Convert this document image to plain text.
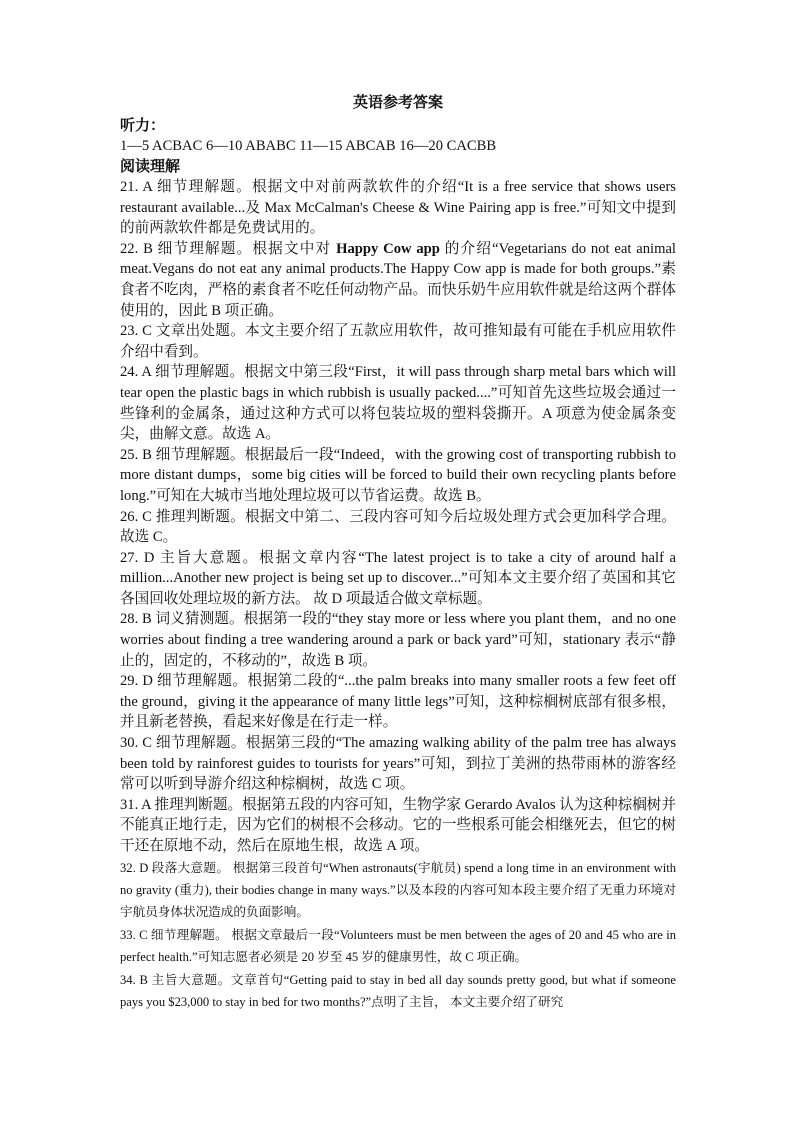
英语参考答案

听力：

1—5 ACBAC 6—10 ABABC 11—15 ABCAB 16—20 CACBB

阅读理解

21. A 细节理解题。根据文中对前两款软件的介绍“It is a free service that shows users restaurant available...及 Max McCalman's Cheese & Wine Pairing app is free.”可知文中提到的前两款软件都是免费试用的。

22. B 细节理解题。根据文中对 Happy Cow app 的介绍“Vegetarians do not eat animal meat.Vegans do not eat any animal products.The Happy Cow app is made for both groups.”素食者不吃肉，严格的素食者不吃任何动物产品。而快乐奶牛应用软件就是给这两个群体使用的，因此 B 项正确。

23. C 文章出处题。本文主要介绍了五款应用软件，故可推知最有可能在手机应用软件介绍中看到。

24. A 细节理解题。根据文中第三段“First，it will pass through sharp metal bars which will tear open the plastic bags in which rubbish is usually packed....”可知首先这些垃圾会通过一些锋利的金属条，通过这种方式可以将包装垃圾的塑料袋撕开。A 项意为使金属条变尖，曲解文意。故选 A。

25. B 细节理解题。根据最后一段“Indeed，with the growing cost of transporting rubbish to more distant dumps，some big cities will be forced to build their own recycling plants before long.”可知在大城市当地处理垃圾可以节省运费。故选 B。

26. C 推理判断题。根据文中第二、三段内容可知今后垃圾处理方式会更加科学合理。故选 C。

27. D 主旨大意题。根据文章内容“The latest project is to take a city of around half a million...Another new project is being set up to discover...”可知本文主要介绍了英国和其它各国回收处理垃圾的新方法。 故 D 项最适合做文章标题。

28. B 词义猜测题。根据第一段的“they stay more or less where you plant them，and no one worries about finding a tree wandering around a park or back yard”可知，stationary 表示“静止的，固定的，不移动的”，故选 B 项。

29. D 细节理解题。根据第二段的“...the palm breaks into many smaller roots a few feet off the ground，giving it the appearance of many little legs”可知，这种棕榈树底部有很多根，并且新老替换，看起来好像是在行走一样。

30. C 细节理解题。根据第三段的“The amazing walking ability of the palm tree has always been told by rainforest guides to tourists for years”可知，到拉丁美洲的热带雨林的游客经常可以听到导游介绍这种棕榈树，故选 C 项。

31. A 推理判断题。根据第五段的内容可知，生物学家 Gerardo Avalos 认为这种棕榈树并不能真正地行走，因为它们的树根不会移动。它的一些根系可能会相继死去，但它的树干还在原地不动，然后在原地生根，故选 A 项。

32. D 段落大意题。 根据第三段首句“When astronauts(宇航员) spend a long time in an environment with no gravity (重力), their bodies change in many ways.”以及本段的内容可知本段主要介绍了无重力环境对宇航员身体状况造成的负面影响。

33. C 细节理解题。 根据文章最后一段“Volunteers must be men between the ages of 20 and 45 who are in perfect health.”可知志愿者必须是 20 岁至 45 岁的健康男性，故 C 项正确。

34. B 主旨大意题。文章首句“Getting paid to stay in bed all day sounds pretty good, but what if someone pays you $23,000 to stay in bed for two months?”点明了主旨， 本文主要介绍了研究
